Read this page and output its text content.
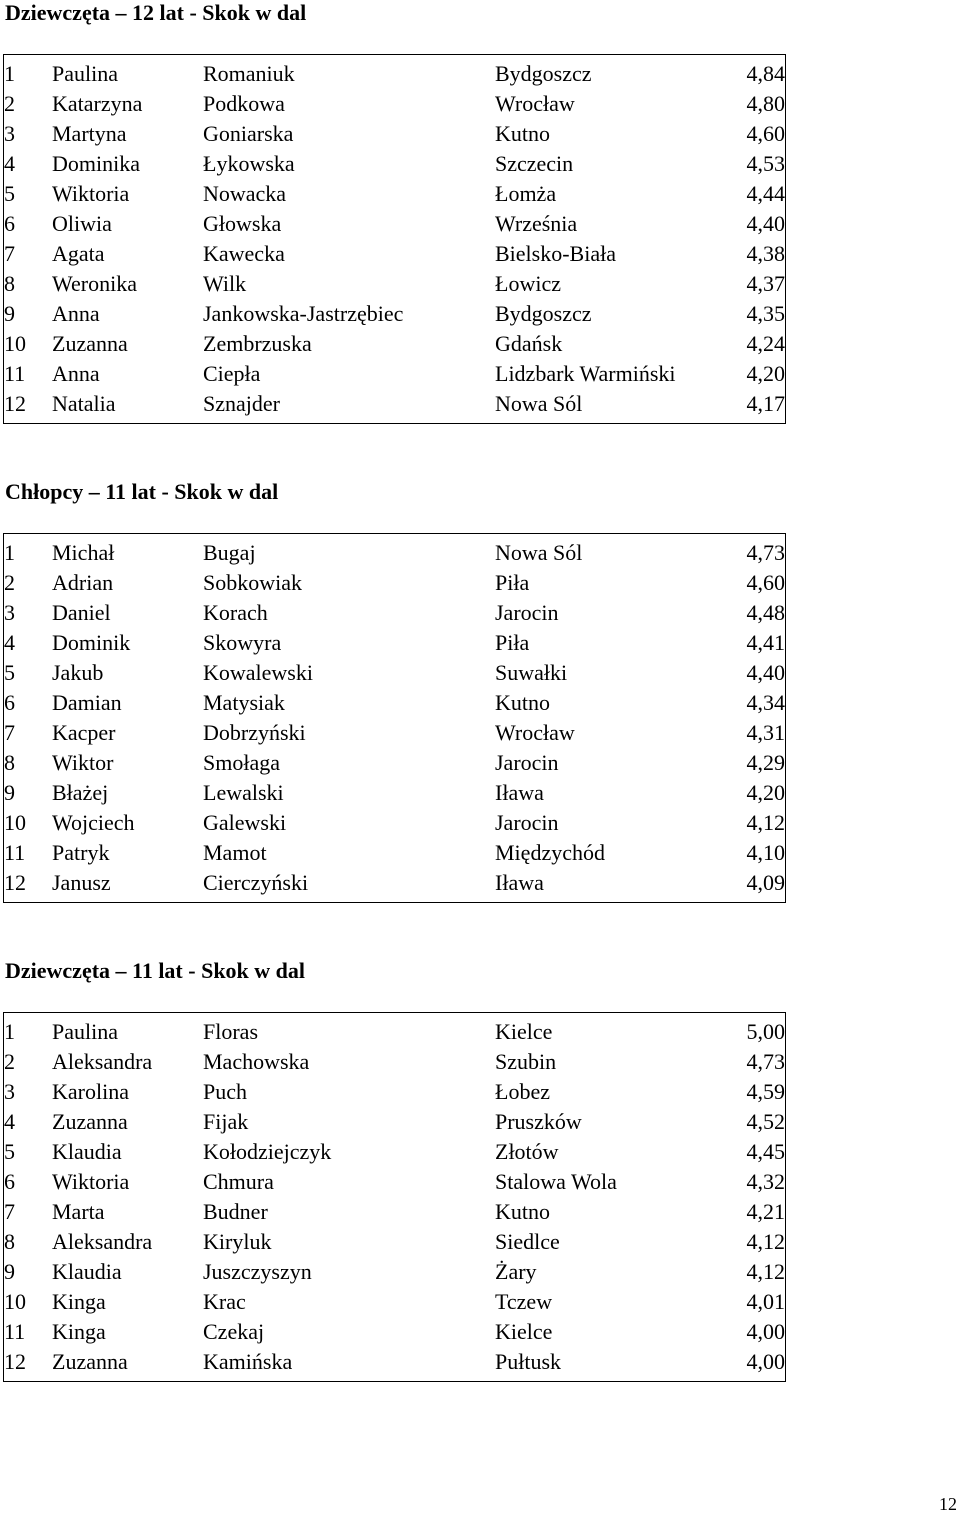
Dziewczęta – 12 lat - Skok w dal
1	Paulina	Romaniuk	Bydgoszcz	4,84
2	Katarzyna	Podkowa	Wrocław	4,80
3	Martyna	Goniarska	Kutno	4,60
4	Dominika	Łykowska	Szczecin	4,53
5	Wiktoria	Nowacka	Łomża	4,44
6	Oliwia	Głowska	Września	4,40
7	Agata	Kawecka	Bielsko-Biała	4,38
8	Weronika	Wilk	Łowicz	4,37
9	Anna	Jankowska-Jastrzębiec	Bydgoszcz	4,35
10	Zuzanna	Zembrzuska	Gdańsk	4,24
11	Anna	Ciepła	Lidzbark Warmiński	4,20
12	Natalia	Sznajder	Nowa Sól	4,17
Chłopcy – 11 lat - Skok w dal
1	Michał	Bugaj	Nowa Sól	4,73
2	Adrian	Sobkowiak	Piła	4,60
3	Daniel	Korach	Jarocin	4,48
4	Dominik	Skowyra	Piła	4,41
5	Jakub	Kowalewski	Suwałki	4,40
6	Damian	Matysiak	Kutno	4,34
7	Kacper	Dobrzyński	Wrocław	4,31
8	Wiktor	Smołaga	Jarocin	4,29
9	Błażej	Lewalski	Iława	4,20
10	Wojciech	Galewski	Jarocin	4,12
11	Patryk	Mamot	Międzychód	4,10
12	Janusz	Cierczyński	Iława	4,09
Dziewczęta – 11 lat - Skok w dal
1	Paulina	Floras	Kielce	5,00
2	Aleksandra	Machowska	Szubin	4,73
3	Karolina	Puch	Łobez	4,59
4	Zuzanna	Fijak	Pruszków	4,52
5	Klaudia	Kołodziejczyk	Złotów	4,45
6	Wiktoria	Chmura	Stalowa Wola	4,32
7	Marta	Budner	Kutno	4,21
8	Aleksandra	Kiryluk	Siedlce	4,12
9	Klaudia	Juszczyszyn	Żary	4,12
10	Kinga	Krac	Tczew	4,01
11	Kinga	Czekaj	Kielce	4,00
12	Zuzanna	Kamińska	Pułtusk	4,00
12
